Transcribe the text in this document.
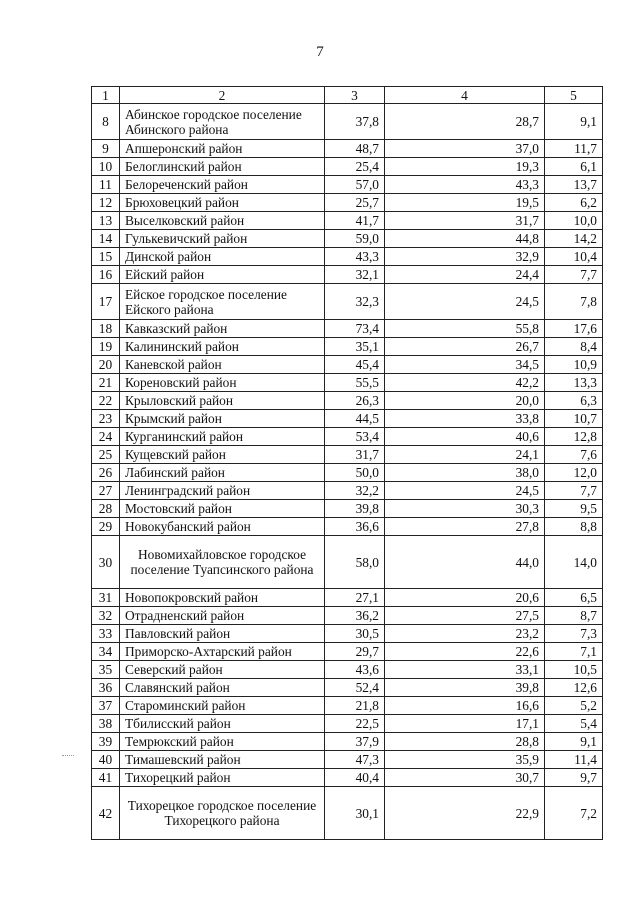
7
1	2	3	4	5
8	Абинское городское поселение Абинского района	37,8	28,7	9,1
9	Апшеронский район	48,7	37,0	11,7
10	Белоглинский район	25,4	19,3	6,1
11	Белореченский район	57,0	43,3	13,7
12	Брюховецкий район	25,7	19,5	6,2
13	Выселковский район	41,7	31,7	10,0
14	Гулькевичский район	59,0	44,8	14,2
15	Динской район	43,3	32,9	10,4
16	Ейский район	32,1	24,4	7,7
17	Ейское городское поселение Ейского района	32,3	24,5	7,8
18	Кавказский район	73,4	55,8	17,6
19	Калининский район	35,1	26,7	8,4
20	Каневской район	45,4	34,5	10,9
21	Кореновский район	55,5	42,2	13,3
22	Крыловский район	26,3	20,0	6,3
23	Крымский район	44,5	33,8	10,7
24	Курганинский район	53,4	40,6	12,8
25	Кущевский район	31,7	24,1	7,6
26	Лабинский район	50,0	38,0	12,0
27	Ленинградский район	32,2	24,5	7,7
28	Мостовский район	39,8	30,3	9,5
29	Новокубанский район	36,6	27,8	8,8
30	Новомихайловское городское поселение Туапсинского района	58,0	44,0	14,0
31	Новопокровский район	27,1	20,6	6,5
32	Отрадненский район	36,2	27,5	8,7
33	Павловский район	30,5	23,2	7,3
34	Приморско-Ахтарский район	29,7	22,6	7,1
35	Северский район	43,6	33,1	10,5
36	Славянский район	52,4	39,8	12,6
37	Староминский район	21,8	16,6	5,2
38	Тбилисский район	22,5	17,1	5,4
39	Темрюкский район	37,9	28,8	9,1
40	Тимашевский район	47,3	35,9	11,4
41	Тихорецкий район	40,4	30,7	9,7
42	Тихорецкое городское поселение Тихорецкого района	30,1	22,9	7,2
